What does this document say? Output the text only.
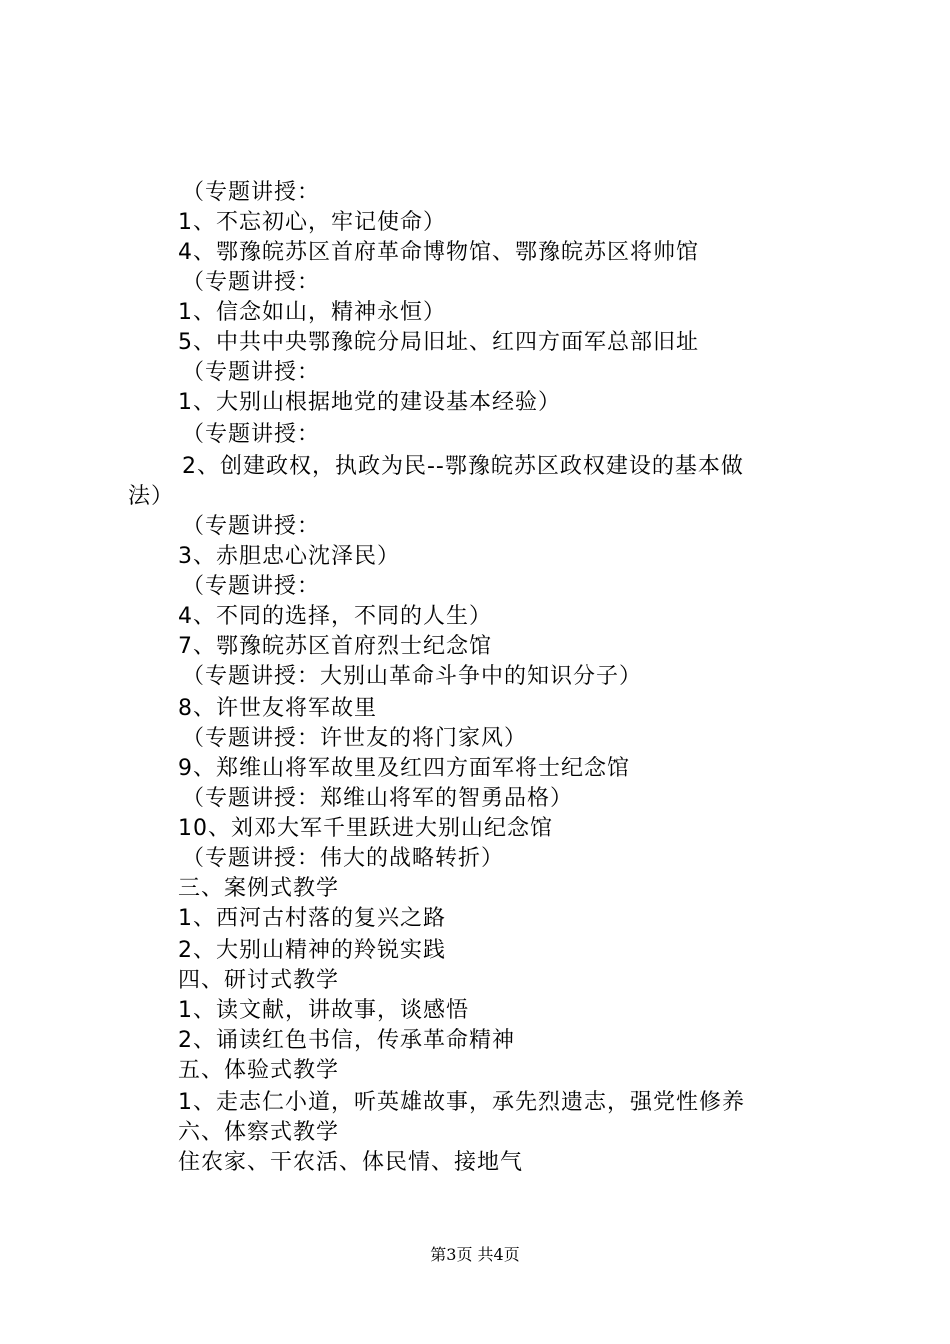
（专题讲授：
1、不忘初心，牢记使命）
4、鄂豫皖苏区首府革命博物馆、鄂豫皖苏区将帅馆
（专题讲授：
1、信念如山，精神永恒）
5、中共中央鄂豫皖分局旧址、红四方面军总部旧址
（专题讲授：
1、大别山根据地党的建设基本经验）
（专题讲授：
2、创建政权，执政为民--鄂豫皖苏区政权建设的基本做
法）
（专题讲授：
3、赤胆忠心沈泽民）
（专题讲授：
4、不同的选择，不同的人生）
7、鄂豫皖苏区首府烈士纪念馆
（专题讲授：大别山革命斗争中的知识分子）
8、许世友将军故里
（专题讲授：许世友的将门家风）
9、郑维山将军故里及红四方面军将士纪念馆
（专题讲授：郑维山将军的智勇品格）
10、刘邓大军千里跃进大别山纪念馆
（专题讲授：伟大的战略转折）
三、案例式教学
1、西河古村落的复兴之路
2、大别山精神的羚锐实践
四、研讨式教学
1、读文献，讲故事，谈感悟
2、诵读红色书信，传承革命精神
五、体验式教学
1、走志仁小道，听英雄故事，承先烈遗志，强党性修养
六、体察式教学
住农家、干农活、体民情、接地气
第3页 共4页
